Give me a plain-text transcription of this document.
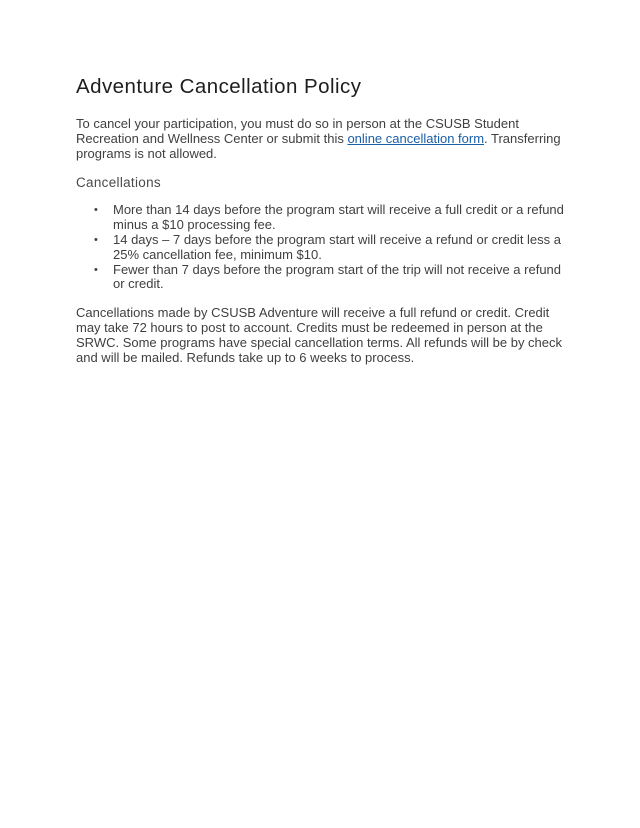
Adventure Cancellation Policy

To cancel your participation, you must do so in person at the CSUSB Student Recreation and Wellness Center or submit this online cancellation form. Transferring programs is not allowed.

Cancellations
• More than 14 days before the program start will receive a full credit or a refund minus a $10 processing fee.
• 14 days – 7 days before the program start will receive a refund or credit less a 25% cancellation fee, minimum $10.
• Fewer than 7 days before the program start of the trip will not receive a refund or credit.

Cancellations made by CSUSB Adventure will receive a full refund or credit. Credit may take 72 hours to post to account. Credits must be redeemed in person at the SRWC. Some programs have special cancellation terms. All refunds will be by check and will be mailed. Refunds take up to 6 weeks to process.
